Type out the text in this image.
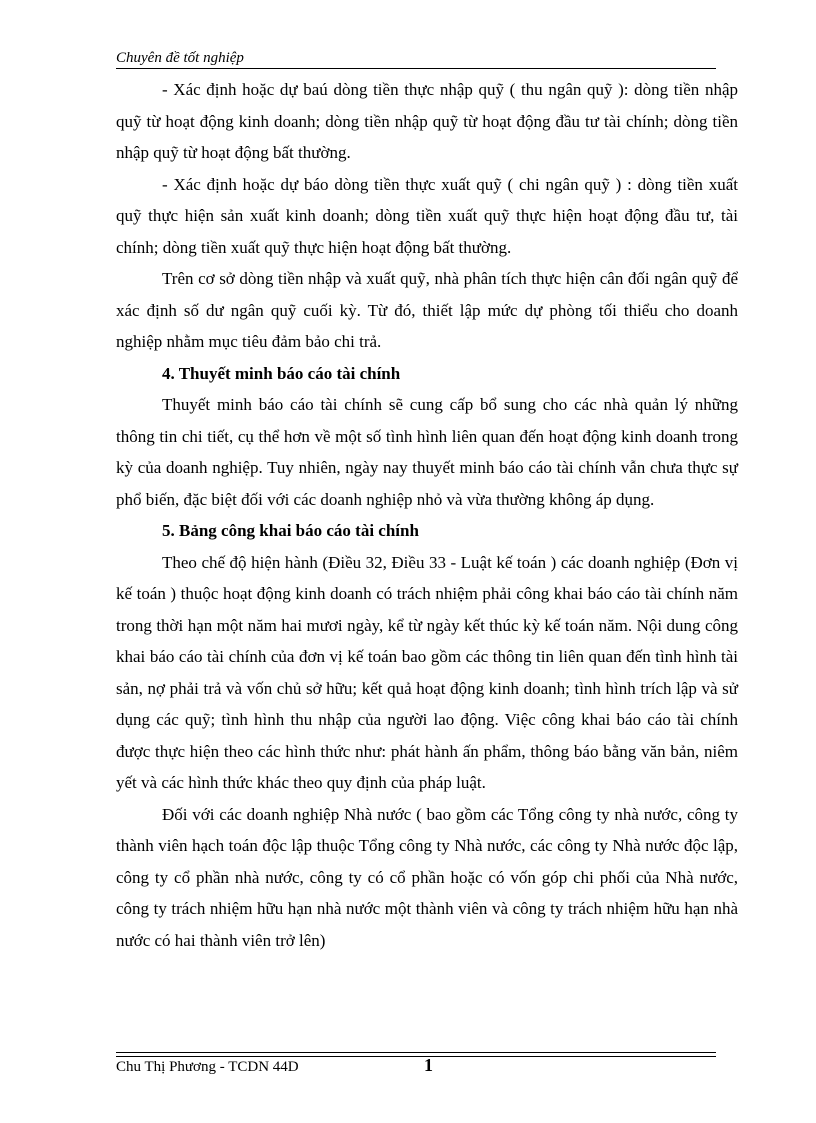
Chuyên đề tốt nghiệp

- Xác định hoặc dự baú dòng tiền thực nhập quỹ ( thu ngân quỹ ): dòng tiền nhập quỹ từ hoạt động kinh doanh; dòng tiền nhập quỹ từ hoạt động đầu tư tài chính; dòng tiền nhập quỹ từ hoạt động bất thường.

- Xác định hoặc dự báo dòng tiền thực xuất quỹ ( chi ngân quỹ ) : dòng tiền xuất quỹ thực hiện sản xuất kinh doanh; dòng tiền xuất quỹ thực hiện hoạt động đầu tư, tài chính; dòng tiền xuất quỹ thực hiện hoạt động bất thường.

Trên cơ sở dòng tiền nhập và xuất quỹ, nhà phân tích thực hiện cân đối ngân quỹ để xác định số dư ngân quỹ cuối kỳ. Từ đó, thiết lập mức dự phòng tối thiểu cho doanh nghiệp nhằm mục tiêu đảm bảo chi trả.

4. Thuyết minh báo cáo tài chính

Thuyết minh báo cáo tài chính sẽ cung cấp bổ sung cho các nhà quản lý những thông tin chi tiết, cụ thể hơn về một số tình hình liên quan đến hoạt động kinh doanh trong kỳ của doanh nghiệp. Tuy nhiên, ngày nay thuyết minh báo cáo tài chính vẫn chưa thực sự phổ biến, đặc biệt đối với các doanh nghiệp nhỏ và vừa thường không áp dụng.

5. Bảng công khai báo cáo tài chính

Theo chế độ hiện hành (Điều 32, Điều 33 - Luật kế toán ) các doanh nghiệp (Đơn vị kế toán ) thuộc hoạt động kinh doanh có trách nhiệm phải công khai báo cáo tài chính năm trong thời hạn một năm hai mươi ngày, kể từ ngày kết thúc kỳ kế toán năm. Nội dung công khai báo cáo tài chính của đơn vị kế toán bao gồm các thông tin liên quan đến tình hình tài sản, nợ phải trả và vốn chủ sở hữu; kết quả hoạt động kinh doanh; tình hình trích lập và sử dụng các quỹ; tình hình thu nhập của người lao động. Việc công khai báo cáo tài chính được thực hiện theo các hình thức như: phát hành ấn phẩm, thông báo bằng văn bản, niêm yết và các hình thức khác theo quy định của pháp luật.

Đối với các doanh nghiệp Nhà nước ( bao gồm các Tổng công ty nhà nước, công ty thành viên hạch toán độc lập thuộc Tổng công ty Nhà nước, các công ty Nhà nước độc lập, công ty cổ phần nhà nước, công ty có cổ phần hoặc có vốn góp chi phối của Nhà nước, công ty trách nhiệm hữu hạn nhà nước một thành viên và công ty trách nhiệm hữu hạn nhà nước có hai thành viên trở lên)

Chu Thị Phương - TCDN 44D	1
